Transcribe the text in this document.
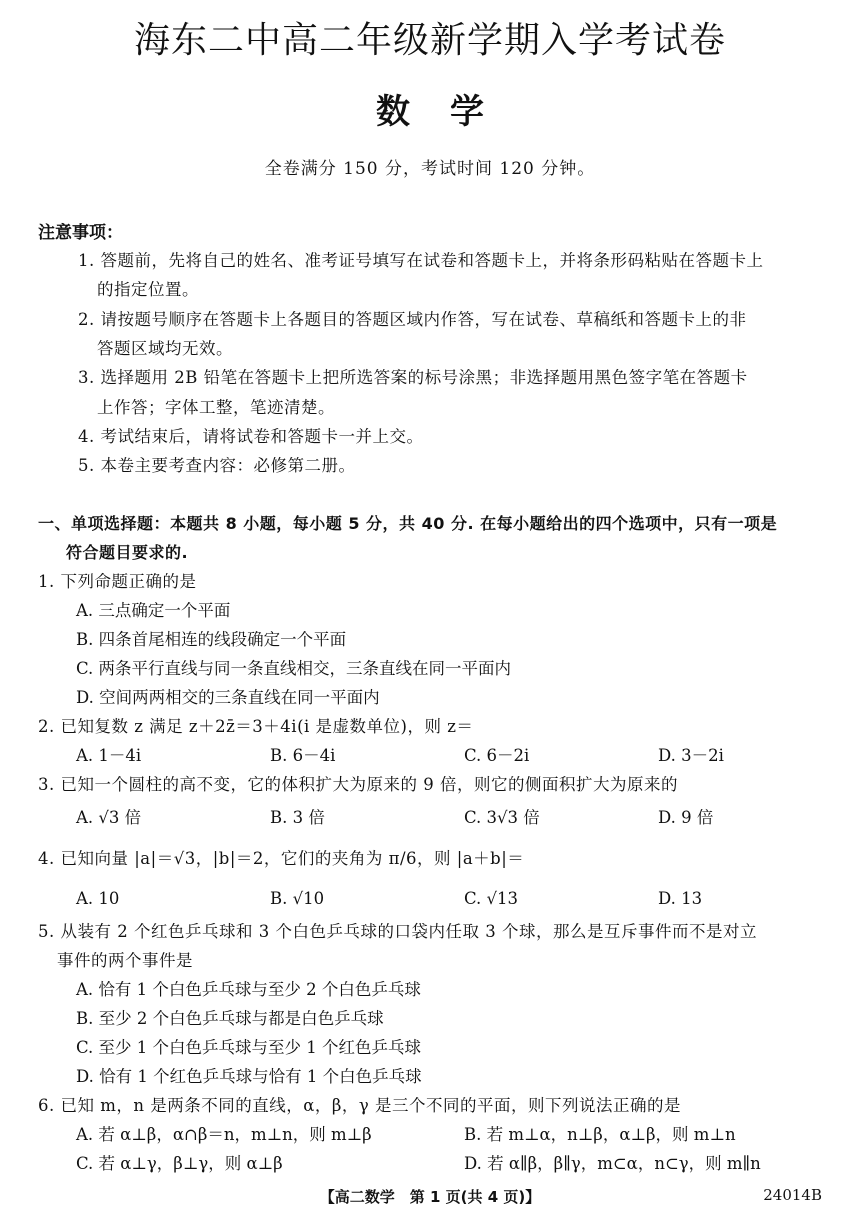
海东二中高二年级新学期入学考试卷
数学
全卷满分 150 分，考试时间 120 分钟。
注意事项：
1. 答题前，先将自己的姓名、准考证号填写在试卷和答题卡上，并将条形码粘贴在答题卡上
的指定位置。
2. 请按题号顺序在答题卡上各题目的答题区域内作答，写在试卷、草稿纸和答题卡上的非
答题区域均无效。
3. 选择题用 2B 铅笔在答题卡上把所选答案的标号涂黑；非选择题用黑色签字笔在答题卡
上作答；字体工整，笔迹清楚。
4. 考试结束后，请将试卷和答题卡一并上交。
5. 本卷主要考查内容：必修第二册。
一、单项选择题：本题共 8 小题，每小题 5 分，共 40 分. 在每小题给出的四个选项中，只有一项是
符合题目要求的.
1. 下列命题正确的是
A. 三点确定一个平面
B. 四条首尾相连的线段确定一个平面
C. 两条平行直线与同一条直线相交，三条直线在同一平面内
D. 空间两两相交的三条直线在同一平面内
2. 已知复数 z 满足 z＋2z̄＝3＋4i(i 是虚数单位)，则 z＝
A. 1－4i	B. 6－4i	C. 6－2i	D. 3－2i
3. 已知一个圆柱的高不变，它的体积扩大为原来的 9 倍，则它的侧面积扩大为原来的
A. √3 倍	B. 3 倍	C. 3√3 倍	D. 9 倍
4. 已知向量 |a|＝√3，|b|＝2，它们的夹角为 π/6，则 |a＋b|＝
A. 10	B. √10	C. √13	D. 13
5. 从装有 2 个红色乒乓球和 3 个白色乒乓球的口袋内任取 3 个球，那么是互斥事件而不是对立
事件的两个事件是
A. 恰有 1 个白色乒乓球与至少 2 个白色乒乓球
B. 至少 2 个白色乒乓球与都是白色乒乓球
C. 至少 1 个白色乒乓球与至少 1 个红色乒乓球
D. 恰有 1 个红色乒乓球与恰有 1 个白色乒乓球
6. 已知 m，n 是两条不同的直线，α，β，γ 是三个不同的平面，则下列说法正确的是
A. 若 α⊥β，α∩β＝n，m⊥n，则 m⊥β	B. 若 m⊥α，n⊥β，α⊥β，则 m⊥n
C. 若 α⊥γ，β⊥γ，则 α⊥β	D. 若 α∥β，β∥γ，m⊂α，n⊂γ，则 m∥n
【高二数学　第 1 页(共 4 页)】	24014B
